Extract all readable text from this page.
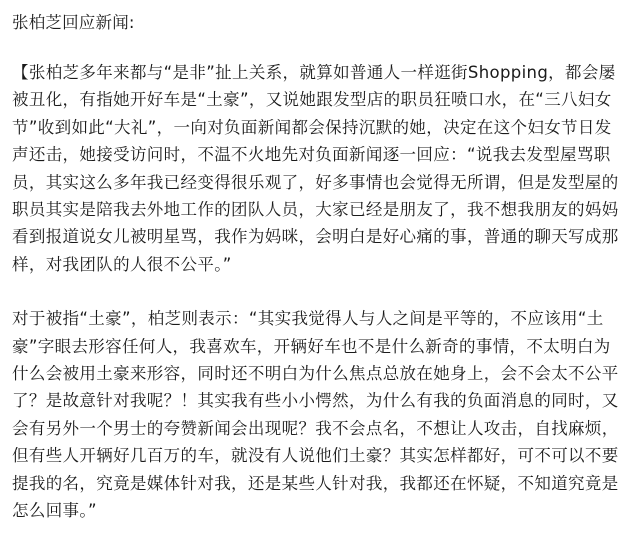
张柏芝回应新闻:

【张柏芝多年来都与“是非”扯上关系，就算如普通人一样逛街Shopping，都会屡被丑化，有指她开好车是“土豪”，又说她跟发型店的职员狂喷口水，在“三八妇女节”收到如此“大礼”，一向对负面新闻都会保持沉默的她，决定在这个妇女节日发声还击，她接受访问时，不温不火地先对负面新闻逐一回应：“说我去发型屋骂职员，其实这么多年我已经变得很乐观了，好多事情也会觉得无所谓，但是发型屋的职员其实是陪我去外地工作的团队人员，大家已经是朋友了，我不想我朋友的妈妈看到报道说女儿被明星骂，我作为妈咪，会明白是好心痛的事，普通的聊天写成那样，对我团队的人很不公平。”

对于被指“土豪”，柏芝则表示：“其实我觉得人与人之间是平等的，不应该用“土豪”字眼去形容任何人，我喜欢车，开辆好车也不是什么新奇的事情，不太明白为什么会被用土豪来形容，同时还不明白为什么焦点总放在她身上，会不会太不公平了？是故意针对我呢？！其实我有些小小愕然，为什么有我的负面消息的同时，又会有另外一个男士的夸赞新闻会出现呢？我不会点名，不想让人攻击，自找麻烦，但有些人开辆好几百万的车，就没有人说他们土豪？其实怎样都好，可不可以不要提我的名，究竟是媒体针对我，还是某些人针对我，我都还在怀疑，不知道究竟是怎么回事。”
